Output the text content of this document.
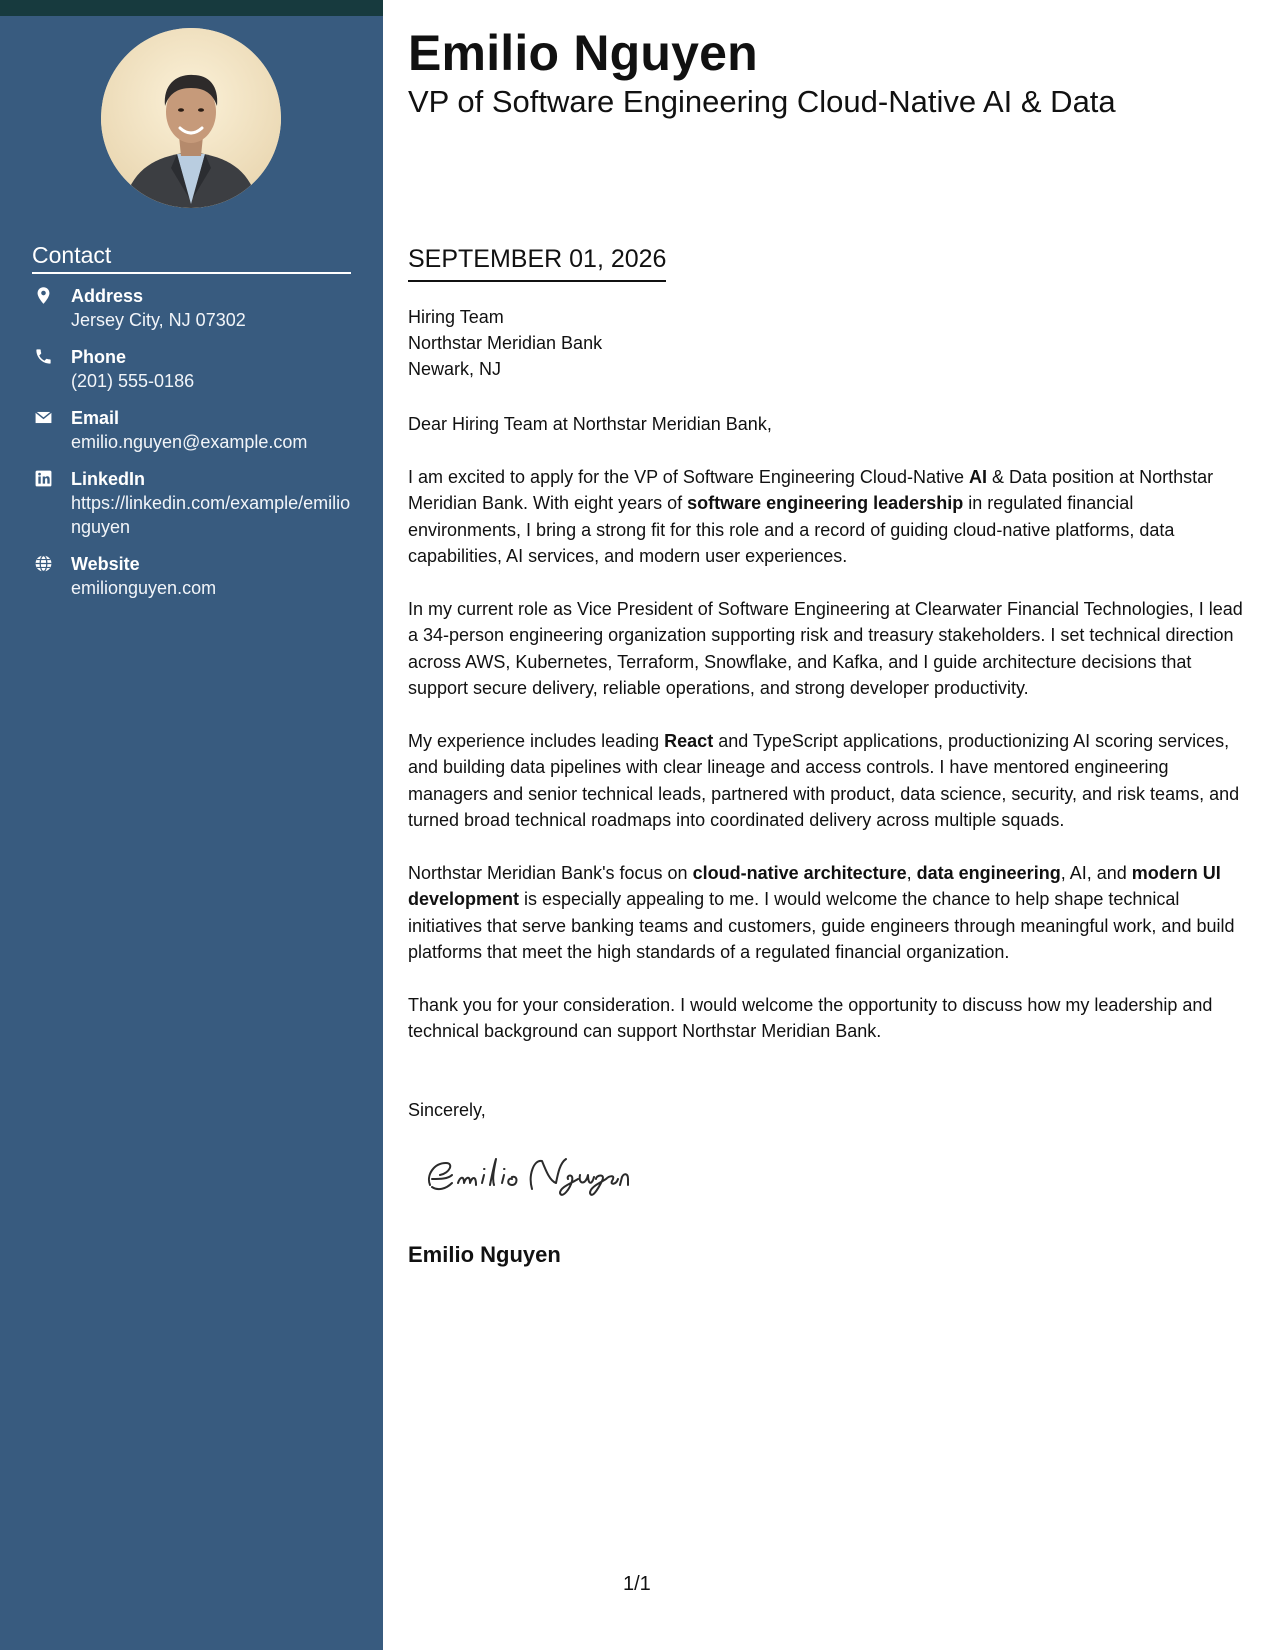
Contact
Address
Jersey City, NJ 07302
Phone
(201) 555-0186
Email
emilio.nguyen@example.com
LinkedIn
https://linkedin.com/example/emilionguyen
Website
emilionguyen.com
Emilio Nguyen
VP of Software Engineering Cloud-Native AI & Data
SEPTEMBER 01, 2026
Hiring Team
Northstar Meridian Bank
Newark, NJ

Dear Hiring Team at Northstar Meridian Bank,

I am excited to apply for the VP of Software Engineering Cloud-Native AI & Data position at Northstar Meridian Bank. With eight years of software engineering leadership in regulated financial environments, I bring a strong fit for this role and a record of guiding cloud-native platforms, data capabilities, AI services, and modern user experiences.

In my current role as Vice President of Software Engineering at Clearwater Financial Technologies, I lead a 34-person engineering organization supporting risk and treasury stakeholders. I set technical direction across AWS, Kubernetes, Terraform, Snowflake, and Kafka, and I guide architecture decisions that support secure delivery, reliable operations, and strong developer productivity.

My experience includes leading React and TypeScript applications, productionizing AI scoring services, and building data pipelines with clear lineage and access controls. I have mentored engineering managers and senior technical leads, partnered with product, data science, security, and risk teams, and turned broad technical roadmaps into coordinated delivery across multiple squads.

Northstar Meridian Bank's focus on cloud-native architecture, data engineering, AI, and modern UI development is especially appealing to me. I would welcome the chance to help shape technical initiatives that serve banking teams and customers, guide engineers through meaningful work, and build platforms that meet the high standards of a regulated financial organization.

Thank you for your consideration. I would welcome the opportunity to discuss how my leadership and technical background can support Northstar Meridian Bank.

Sincerely,
Emilio Nguyen
1/1
